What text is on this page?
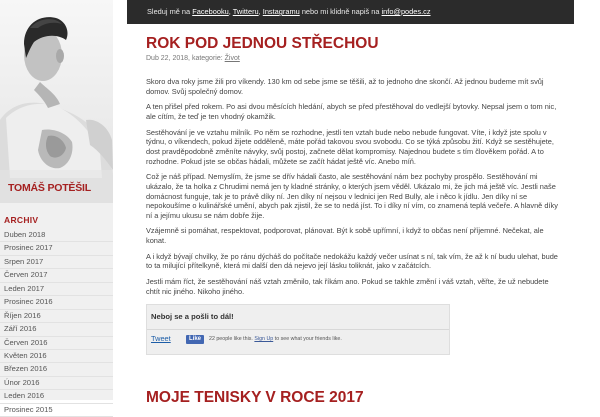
TOMÁŠ POTĚŠIL
ARCHIV
Duben 2018
Prosinec 2017
Srpen 2017
Červen 2017
Leden 2017
Prosinec 2016
Říjen 2016
Září 2016
Červen 2016
Květen 2016
Březen 2016
Únor 2016
Leden 2016
Prosinec 2015
Sleduj mě na Facebooku, Twitteru, Instagramu nebo mi klidně napiš na info@podes.cz
ROK POD JEDNOU STŘECHOU
Dub 22, 2018, kategorie: Život

Skoro dva roky jsme žili pro víkendy. 130 km od sebe jsme se těšili, až to jednoho dne skončí. Až jednou budeme mít svůj domov. Svůj společný domov.

A ten přišel před rokem. Po asi dvou měsících hledání, abych se před přestěhoval do vedlejší bytovky. Nepsal jsem o tom nic, ale cítím, že teď je ten vhodný okamžik.

Sestěhování je ve vztahu milník. Po něm se rozhodne, jestli ten vztah bude nebo nebude fungovat. Víte, i když jste spolu v týdnu, o víkendech, pokud žijete odděleně, máte pořád takovou svou svobodu. Co se týká způsobu žití. Když se sestěhujete, dost pravděpodobně změníte návyky, svůj postoj, začnete dělat kompromisy. Najednou budete s tím člověkem pořád. A to rozhodne. Pokud jste se občas hádali, můžete se začít hádat ještě víc. Anebo míň.

Což je náš případ. Nemyslím, že jsme se dřív hádali často, ale sestěhování nám bez pochyby prospělo. Sestěhování mi ukázalo, že ta holka z Chrudimi nemá jen ty kladné stránky, o kterých jsem věděl. Ukázalo mi, že jich má ještě víc. Jestli naše domácnost funguje, tak je to právě díky ní. Jen díky ní nejsou v lednici jen Red Bully, ale i něco k jídlu. Jen díky ní se nepokoušíme o kulinářské umění, abych pak zjistil, že se to nedá jíst. To i díky ní vím, co znamená teplá večeře. A hlavně díky ní a jejímu ukusu se nám dobře žije.

Vzájemně si pomáhat, respektovat, podporovat, plánovat. Být k sobě upřímní, i když to občas není příjemné. Nečekat, ale konat.

A i když bývají chvilky, že po ránu dýcháš do počítače nedokážu každý večer usínat s ní, tak vím, že až k ní budu ulehat, bude to ta milující přítelkyně, která mi další den dá nejevo její lásku toliknát, jako v začátcích.

Jestli mám říct, že sestěhování náš vztah změnilo, tak říkám ano. Pokud se takhle změní i váš vztah, věřte, že už nebudete chtít nic jiného. Nikoho jiného.

Neboj se a pošli to dál!
Tweet	Like	22 people like this. Sign Up to see what your friends like.
MOJE TENISKY V ROCE 2017
